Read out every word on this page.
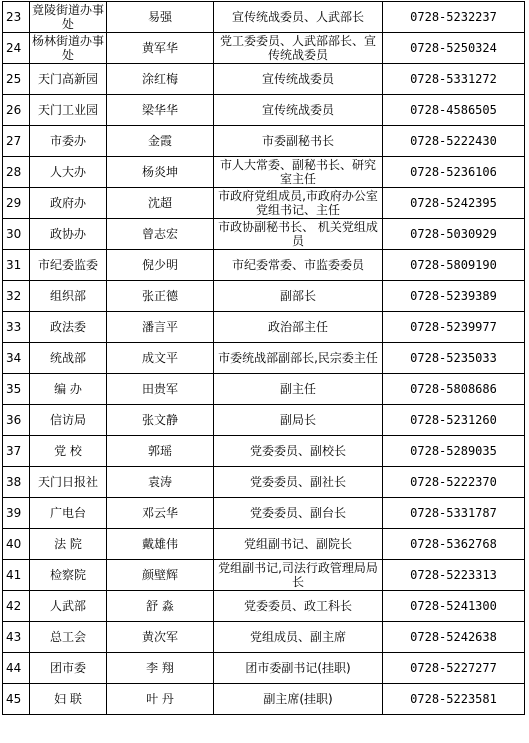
23	竟陵街道办事处	易强	宣传统战委员、人武部长	0728-5232237
24	杨林街道办事处	黄军华	党工委委员、人武部部长、宣传统战委员	0728-5250324
25	天门高新园	涂红梅	宣传统战委员	0728-5331272
26	天门工业园	梁华华	宣传统战委员	0728-4586505
27	市委办	金霞	市委副秘书长	0728-5222430
28	人大办	杨炎坤	市人大常委、副秘书长、研究室主任	0728-5236106
29	政府办	沈超	市政府党组成员,市政府办公室党组书记、主任	0728-5242395
30	政协办	曾志宏	市政协副秘书长、 机关党组成员	0728-5030929
31	市纪委监委	倪少明	市纪委常委、市监委委员	0728-5809190
32	组织部	张正德	副部长	0728-5239389
33	政法委	潘言平	政治部主任	0728-5239977
34	统战部	成文平	市委统战部副部长,民宗委主任	0728-5235033
35	编 办	田贵军	副主任	0728-5808686
36	信访局	张文静	副局长	0728-5231260
37	党 校	郭瑶	党委委员、副校长	0728-5289035
38	天门日报社	袁涛	党委委员、副社长	0728-5222370
39	广电台	邓云华	党委委员、副台长	0728-5331787
40	法 院	戴雄伟	党组副书记、副院长	0728-5362768
41	检察院	颜壁辉	党组副书记,司法行政管理局局长	0728-5223313
42	人武部	舒 淼	党委委员、政工科长	0728-5241300
43	总工会	黄次军	党组成员、副主席	0728-5242638
44	团市委	李 翔	团市委副书记(挂职)	0728-5227277
45	妇 联	叶 丹	副主席(挂职)	0728-5223581
